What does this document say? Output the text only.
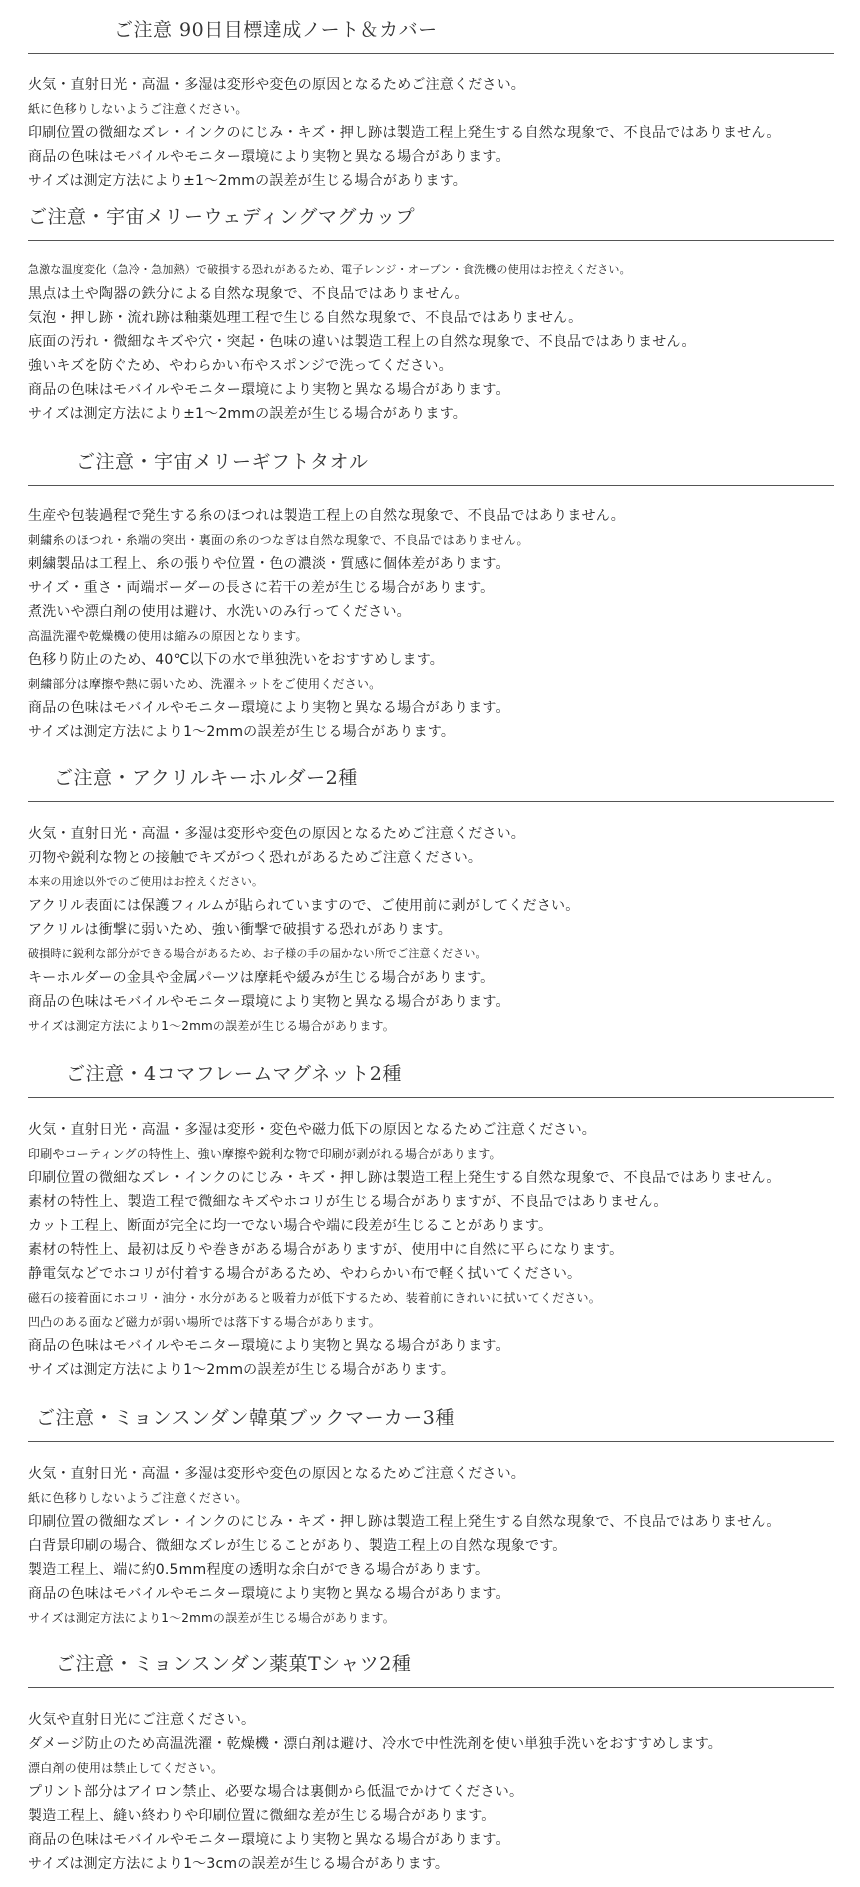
ご注意 90日目標達成ノート＆カバー
火気・直射日光・高温・多湿は変形や変色の原因となるためご注意ください。
紙に色移りしないようご注意ください。
印刷位置の微細なズレ・インクのにじみ・キズ・押し跡は製造工程上発生する自然な現象で、不良品ではありません。
商品の色味はモバイルやモニター環境により実物と異なる場合があります。
サイズは測定方法により±1〜2mmの誤差が生じる場合があります。
ご注意・宇宙メリーウェディングマグカップ
急激な温度変化（急冷・急加熱）で破損する恐れがあるため、電子レンジ・オーブン・食洗機の使用はお控えください。
黒点は土や陶器の鉄分による自然な現象で、不良品ではありません。
気泡・押し跡・流れ跡は釉薬処理工程で生じる自然な現象で、不良品ではありません。
底面の汚れ・微細なキズや穴・突起・色味の違いは製造工程上の自然な現象で、不良品ではありません。
強いキズを防ぐため、やわらかい布やスポンジで洗ってください。
商品の色味はモバイルやモニター環境により実物と異なる場合があります。
サイズは測定方法により±1〜2mmの誤差が生じる場合があります。
ご注意・宇宙メリーギフトタオル
生産や包装過程で発生する糸のほつれは製造工程上の自然な現象で、不良品ではありません。
刺繍糸のほつれ・糸端の突出・裏面の糸のつなぎは自然な現象で、不良品ではありません。
刺繍製品は工程上、糸の張りや位置・色の濃淡・質感に個体差があります。
サイズ・重さ・両端ボーダーの長さに若干の差が生じる場合があります。
煮洗いや漂白剤の使用は避け、水洗いのみ行ってください。
高温洗濯や乾燥機の使用は縮みの原因となります。
色移り防止のため、40℃以下の水で単独洗いをおすすめします。
刺繍部分は摩擦や熱に弱いため、洗濯ネットをご使用ください。
商品の色味はモバイルやモニター環境により実物と異なる場合があります。
サイズは測定方法により1〜2mmの誤差が生じる場合があります。
ご注意・アクリルキーホルダー2種
火気・直射日光・高温・多湿は変形や変色の原因となるためご注意ください。
刃物や鋭利な物との接触でキズがつく恐れがあるためご注意ください。
本来の用途以外でのご使用はお控えください。
アクリル表面には保護フィルムが貼られていますので、ご使用前に剥がしてください。
アクリルは衝撃に弱いため、強い衝撃で破損する恐れがあります。
破損時に鋭利な部分ができる場合があるため、お子様の手の届かない所でご注意ください。
キーホルダーの金具や金属パーツは摩耗や緩みが生じる場合があります。
商品の色味はモバイルやモニター環境により実物と異なる場合があります。
サイズは測定方法により1〜2mmの誤差が生じる場合があります。
ご注意・4コマフレームマグネット2種
火気・直射日光・高温・多湿は変形・変色や磁力低下の原因となるためご注意ください。
印刷やコーティングの特性上、強い摩擦や鋭利な物で印刷が剥がれる場合があります。
印刷位置の微細なズレ・インクのにじみ・キズ・押し跡は製造工程上発生する自然な現象で、不良品ではありません。
素材の特性上、製造工程で微細なキズやホコリが生じる場合がありますが、不良品ではありません。
カット工程上、断面が完全に均一でない場合や端に段差が生じることがあります。
素材の特性上、最初は反りや巻きがある場合がありますが、使用中に自然に平らになります。
静電気などでホコリが付着する場合があるため、やわらかい布で軽く拭いてください。
磁石の接着面にホコリ・油分・水分があると吸着力が低下するため、装着前にきれいに拭いてください。
凹凸のある面など磁力が弱い場所では落下する場合があります。
商品の色味はモバイルやモニター環境により実物と異なる場合があります。
サイズは測定方法により1〜2mmの誤差が生じる場合があります。
ご注意・ミョンスンダン韓菓ブックマーカー3種
火気・直射日光・高温・多湿は変形や変色の原因となるためご注意ください。
紙に色移りしないようご注意ください。
印刷位置の微細なズレ・インクのにじみ・キズ・押し跡は製造工程上発生する自然な現象で、不良品ではありません。
白背景印刷の場合、微細なズレが生じることがあり、製造工程上の自然な現象です。
製造工程上、端に約0.5mm程度の透明な余白ができる場合があります。
商品の色味はモバイルやモニター環境により実物と異なる場合があります。
サイズは測定方法により1〜2mmの誤差が生じる場合があります。
ご注意・ミョンスンダン薬菓Tシャツ2種
火気や直射日光にご注意ください。
ダメージ防止のため高温洗濯・乾燥機・漂白剤は避け、冷水で中性洗剤を使い単独手洗いをおすすめします。
漂白剤の使用は禁止してください。
プリント部分はアイロン禁止、必要な場合は裏側から低温でかけてください。
製造工程上、縫い終わりや印刷位置に微細な差が生じる場合があります。
商品の色味はモバイルやモニター環境により実物と異なる場合があります。
サイズは測定方法により1〜3cmの誤差が生じる場合があります。
